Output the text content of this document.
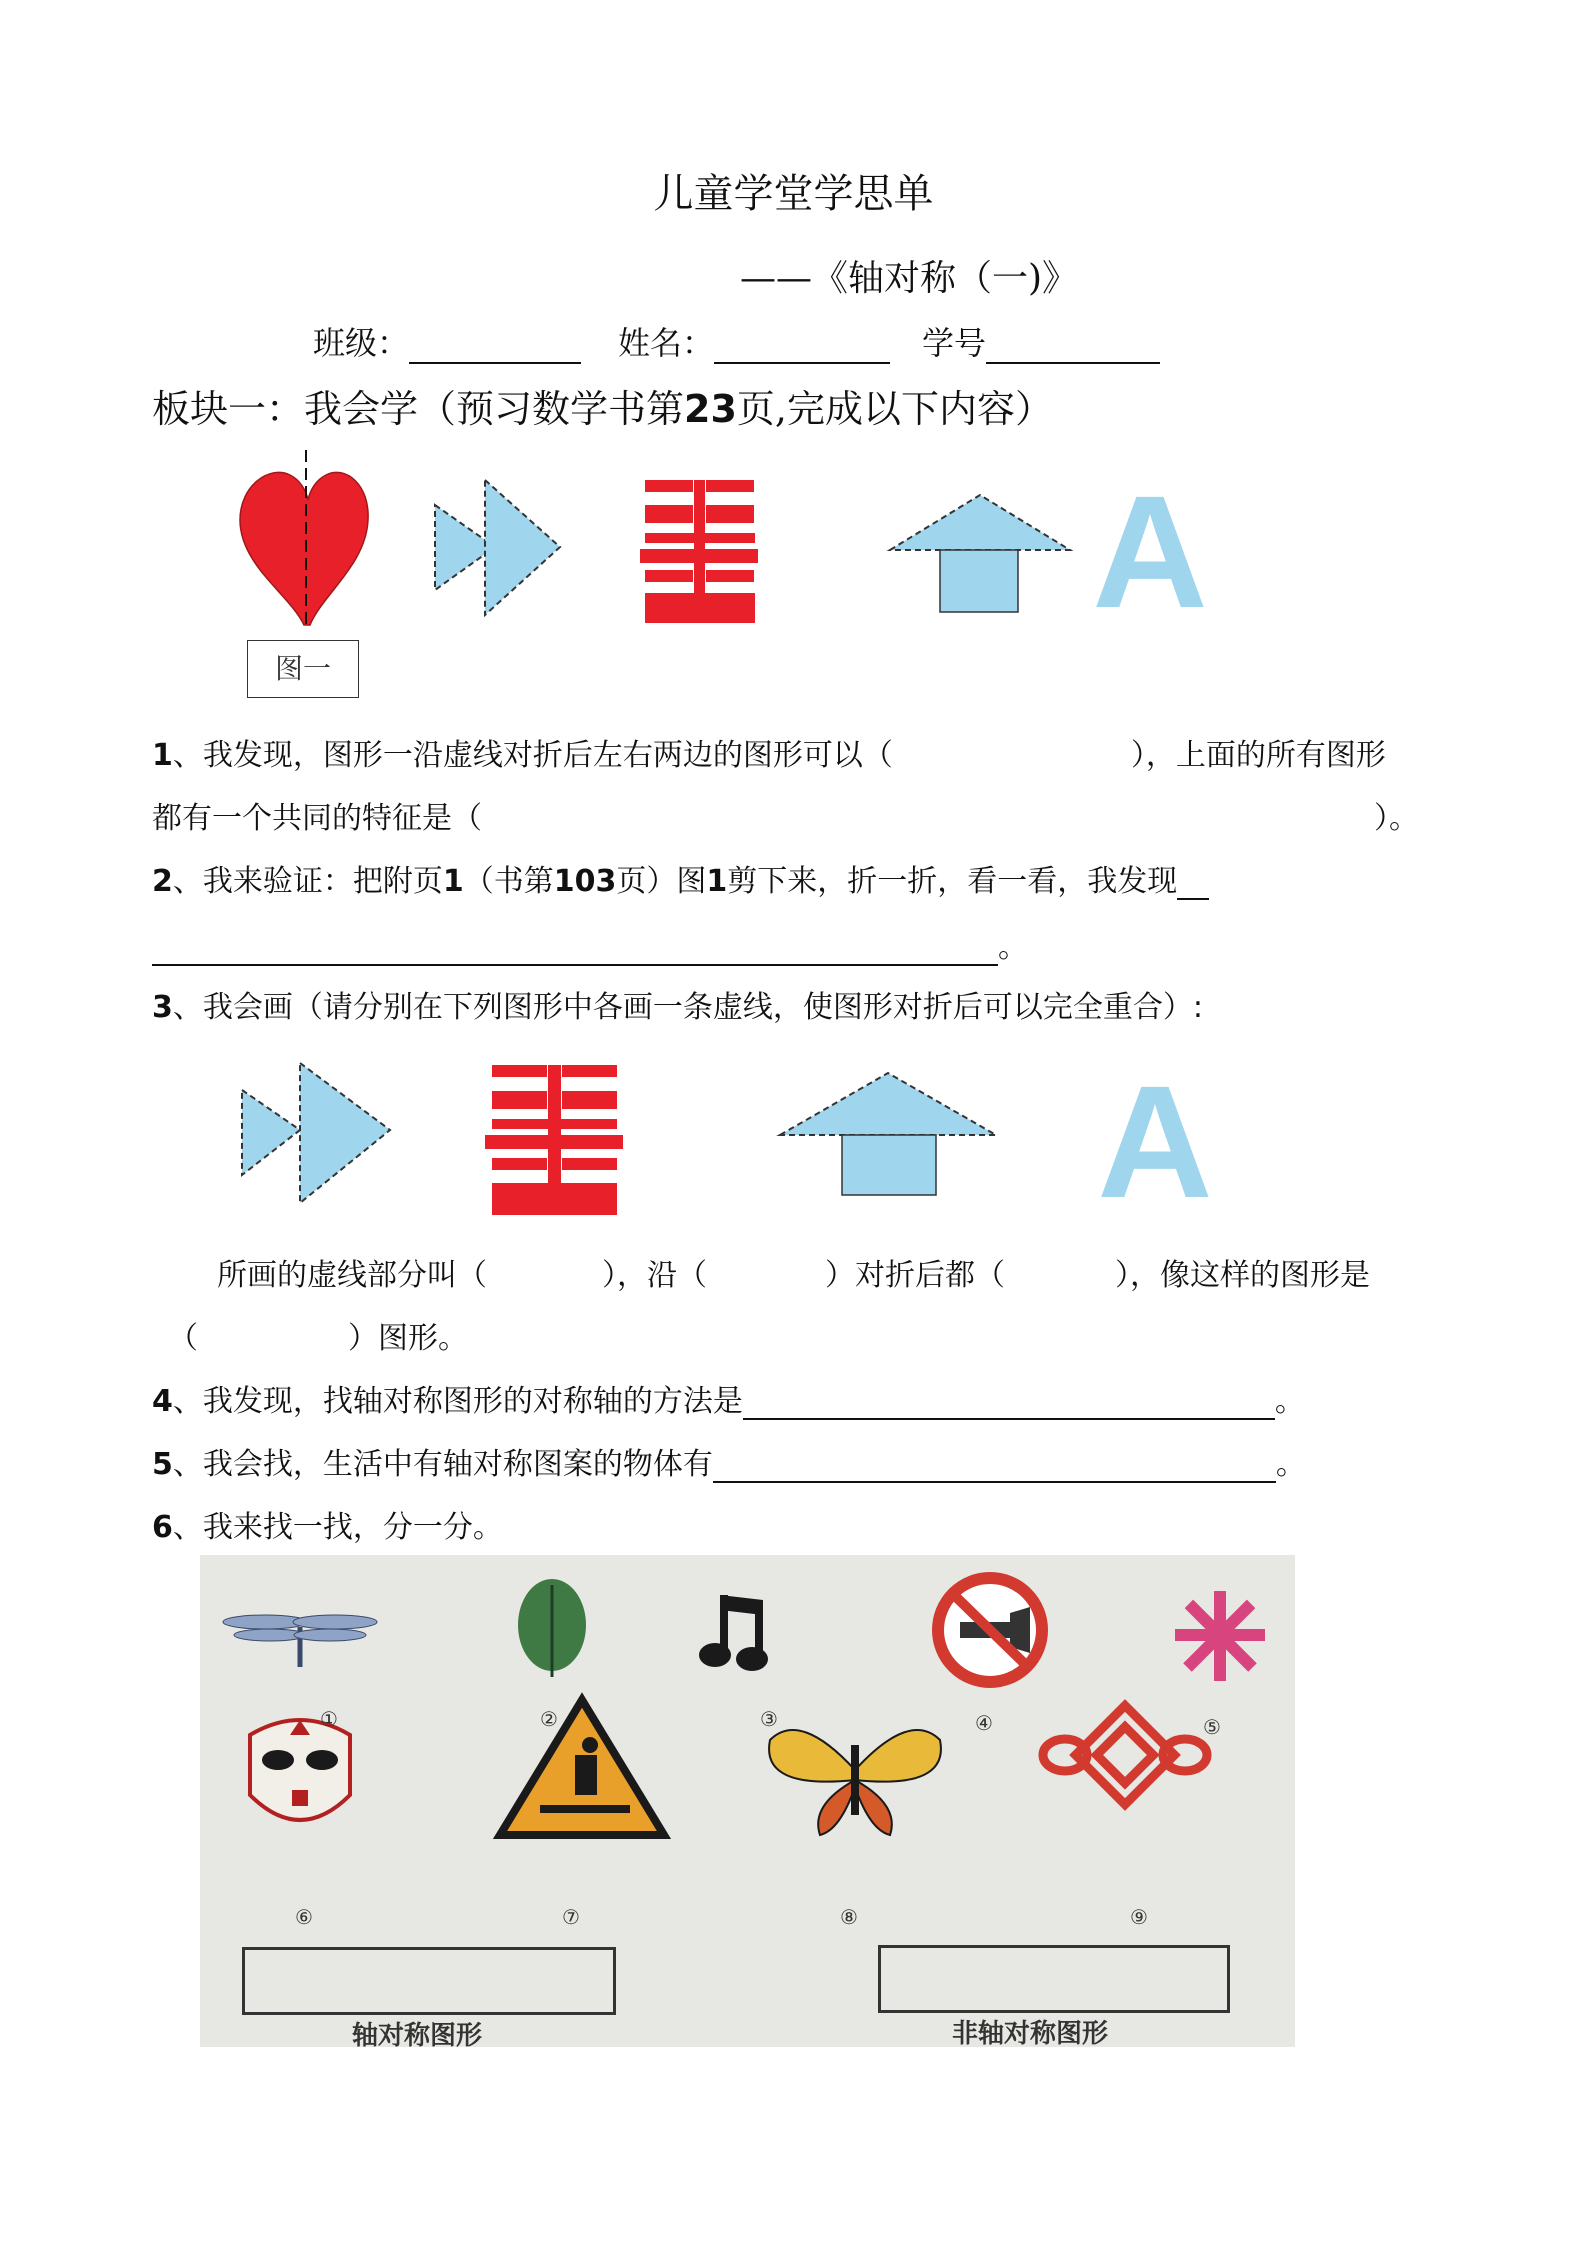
儿童学堂学思单
——《轴对称（一)》
班级：	姓名：	学号
板块一：我会学（预习数学书第23页,完成以下内容）
A
图一
1、我发现，图形一沿虚线对折后左右两边的图形可以（	），上面的所有图形
都有一个共同的特征是（	）。
2、我来验证：把附页1（书第103页）图1剪下来，折一折，看一看，我发现
。
3、我会画（请分别在下列图形中各画一条虚线，使图形对折后可以完全重合）:
A
所画的虚线部分叫（	），沿（	）对折后都（	），像这样的图形是
（	）图形。
4、我发现，找轴对称图形的对称轴的方法是	。
5、我会找，生活中有轴对称图案的物体有	。
6、我来找一找，分一分。
①	②	③	④	⑤
⑥	⑦	⑧	⑨
轴对称图形	非轴对称图形
